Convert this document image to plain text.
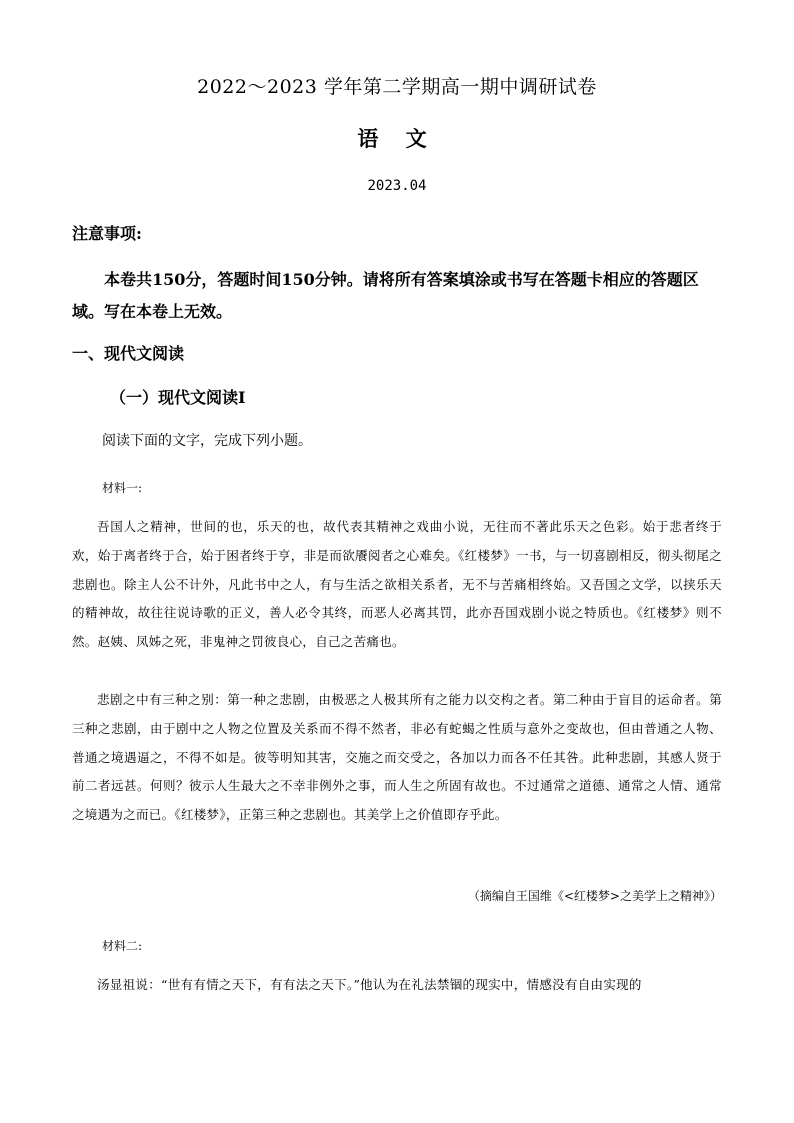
2022～2023 学年第二学期高一期中调研试卷
语 文
2023.04
注意事项:
本卷共150分，答题时间150分钟。请将所有答案填涂或书写在答题卡相应的答题区域。写在本卷上无效。
一、现代文阅读
（一）现代文阅读Ⅰ
阅读下面的文字，完成下列小题。
材料一:
吾国人之精神，世间的也，乐天的也，故代表其精神之戏曲小说，无往而不著此乐天之色彩。始于悲者终于欢，始于离者终于合，始于困者终于亨，非是而欲餍阅者之心难矣。《红楼梦》一书，与一切喜剧相反，彻头彻尾之悲剧也。除主人公不计外，凡此书中之人，有与生活之欲相关系者，无不与苦痛相终始。又吾国之文学，以挟乐天的精神故，故往往说诗歌的正义，善人必令其终，而恶人必离其罚，此亦吾国戏剧小说之特质也。《红楼梦》则不然。赵姨、凤姊之死，非鬼神之罚彼良心，自己之苦痛也。
悲剧之中有三种之别：第一种之悲剧，由极恶之人极其所有之能力以交构之者。第二种由于盲目的运命者。第三种之悲剧，由于剧中之人物之位置及关系而不得不然者，非必有蛇蝎之性质与意外之变故也，但由普通之人物、普通之境遇逼之，不得不如是。彼等明知其害，交施之而交受之，各加以力而各不任其咎。此种悲剧，其感人贤于前二者远甚。何则？彼示人生最大之不幸非例外之事，而人生之所固有故也。不过通常之道德、通常之人情、通常之境遇为之而已。《红楼梦》，正第三种之悲剧也。其美学上之价值即存乎此。
（摘编自王国维《<红楼梦>之美学上之精神》）
材料二:
汤显祖说：“世有有情之天下，有有法之天下。”他认为在礼法禁锢的现实中，情感没有自由实现的
